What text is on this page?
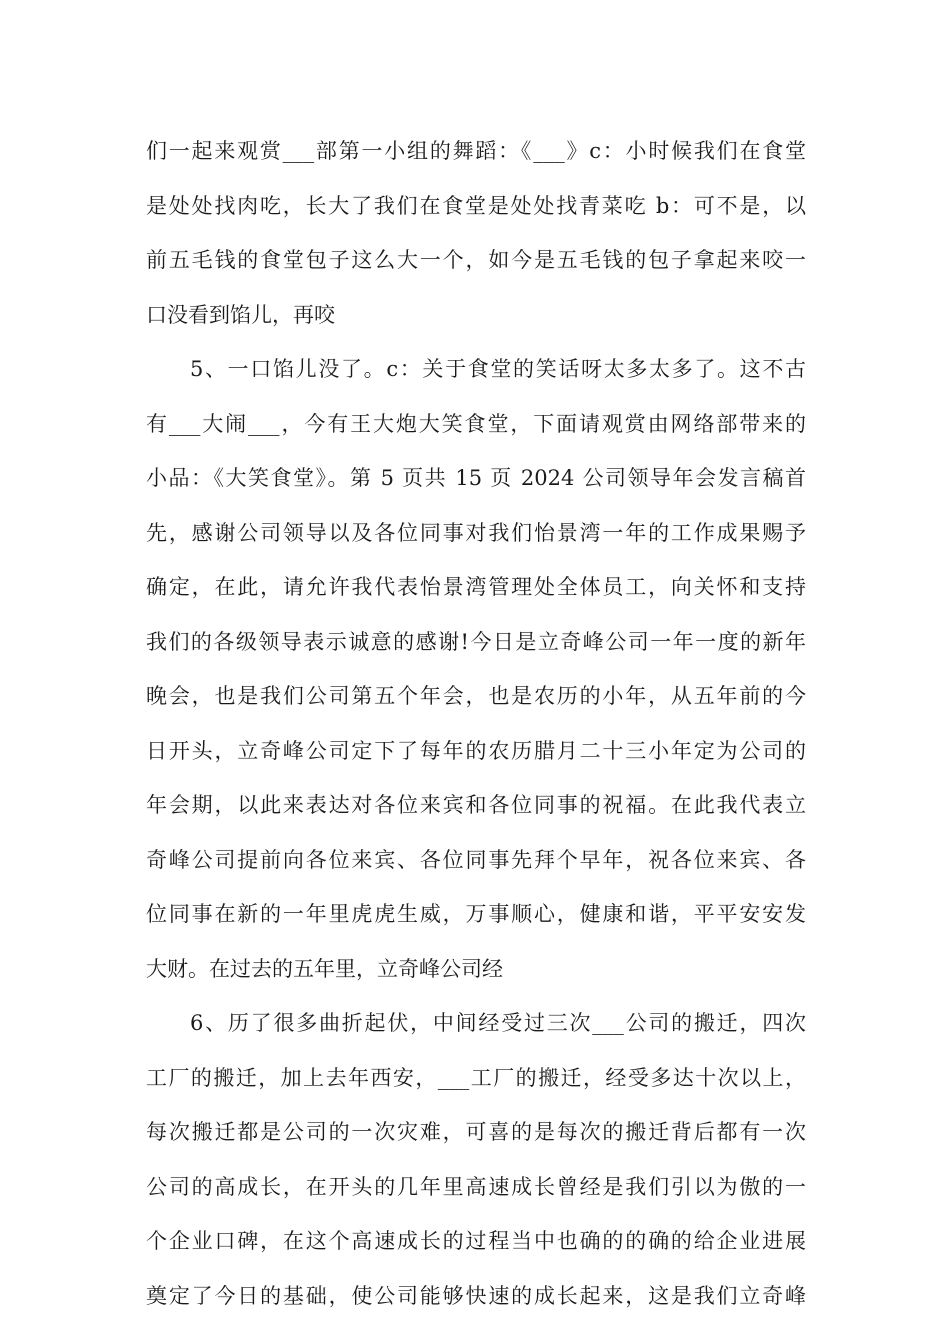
们一起来观赏___部第一小组的舞蹈：《___》c：小时候我们在食堂
是处处找肉吃，长大了我们在食堂是处处找青菜吃 b：可不是，以
前五毛钱的食堂包子这么大一个，如今是五毛钱的包子拿起来咬一
口没看到馅儿，再咬
5、一口馅儿没了。c：关于食堂的笑话呀太多太多了。这不古
有___大闹___，今有王大炮大笑食堂，下面请观赏由网络部带来的
小品：《大笑食堂》。第 5 页共 15 页 2024 公司领导年会发言稿首
先，感谢公司领导以及各位同事对我们怡景湾一年的工作成果赐予
确定，在此，请允许我代表怡景湾管理处全体员工，向关怀和支持
我们的各级领导表示诚意的感谢!今日是立奇峰公司一年一度的新年
晚会，也是我们公司第五个年会，也是农历的小年，从五年前的今
日开头，立奇峰公司定下了每年的农历腊月二十三小年定为公司的
年会期，以此来表达对各位来宾和各位同事的祝福。在此我代表立
奇峰公司提前向各位来宾、各位同事先拜个早年，祝各位来宾、各
位同事在新的一年里虎虎生威，万事顺心，健康和谐，平平安安发
大财。在过去的五年里，立奇峰公司经
6、历了很多曲折起伏，中间经受过三次___公司的搬迁，四次
工厂的搬迁，加上去年西安，___工厂的搬迁，经受多达十次以上，
每次搬迁都是公司的一次灾难，可喜的是每次的搬迁背后都有一次
公司的高成长，在开头的几年里高速成长曾经是我们引以为傲的一
个企业口碑，在这个高速成长的过程当中也确的的确的给企业进展
奠定了今日的基础，使公司能够快速的成长起来，这是我们立奇峰
